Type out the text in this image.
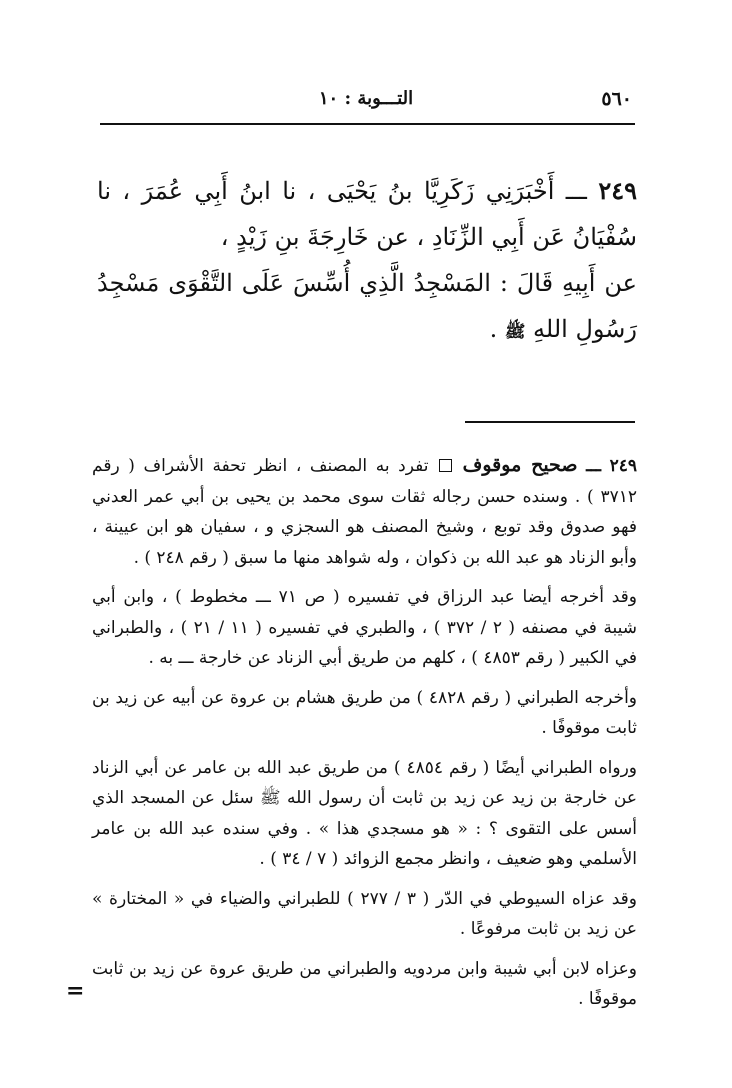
٥٦٠
التـــوبة : ١٠

٢٤٩ ـــ أَخْبَرَنِي زَكَرِيَّا بنُ يَحْيَى ، نا ابنُ أَبِي عُمَرَ ، نا سُفْيَانُ عَن أَبِي الزِّنَادِ ، عن خَارِجَةَ بنِ زَيْدٍ ،

عن أَبِيهِ قَالَ : المَسْجِدُ الَّذِي أُسِّسَ عَلَى التَّقْوَى مَسْجِدُ رَسُولِ اللهِ ﷺ .

٢٤٩ ـــ صحيح موقوف  تفرد به المصنف ، انظر تحفة الأشراف ( رقم ٣٧١٢ ) . وسنده حسن رجاله ثقات سوى محمد بن يحيى بن أبي عمر العدني فهو صدوق وقد توبع ، وشيخ المصنف هو السجزي و ، سفيان هو ابن عيينة ، وأبو الزناد هو عبد الله بن ذكوان ، وله شواهد منها ما سبق ( رقم ٢٤٨ ) .

وقد أخرجه أيضا عبد الرزاق في تفسيره ( ص ٧١ ـــ مخطوط ) ، وابن أبي شيبة في مصنفه ( ٢ / ٣٧٢ ) ، والطبري في تفسيره ( ١١ / ٢١ ) ، والطبراني في الكبير ( رقم ٤٨٥٣ ) ، كلهم من طريق أبي الزناد عن خارجة ـــ به .

وأخرجه الطبراني ( رقم ٤٨٢٨ ) من طريق هشام بن عروة عن أبيه عن زيد بن ثابت موقوفًا .

ورواه الطبراني أيضًا ( رقم ٤٨٥٤ ) من طريق عبد الله بن عامر عن أبي الزناد عن خارجة بن زيد عن زيد بن ثابت أن رسول الله ﷺ سئل عن المسجد الذي أسس على التقوى ؟ : « هو مسجدي هذا » . وفي سنده عبد الله بن عامر الأسلمي وهو ضعيف ، وانظر مجمع الزوائد ( ٧ / ٣٤ ) .

وقد عزاه السيوطي في الدّر ( ٣ / ٢٧٧ ) للطبراني والضياء في « المختارة » عن زيد بن ثابت مرفوعًا .

وعزاه لابن أبي شيبة وابن مردويه والطبراني من طريق عروة عن زيد بن ثابت موقوفًا .

=
